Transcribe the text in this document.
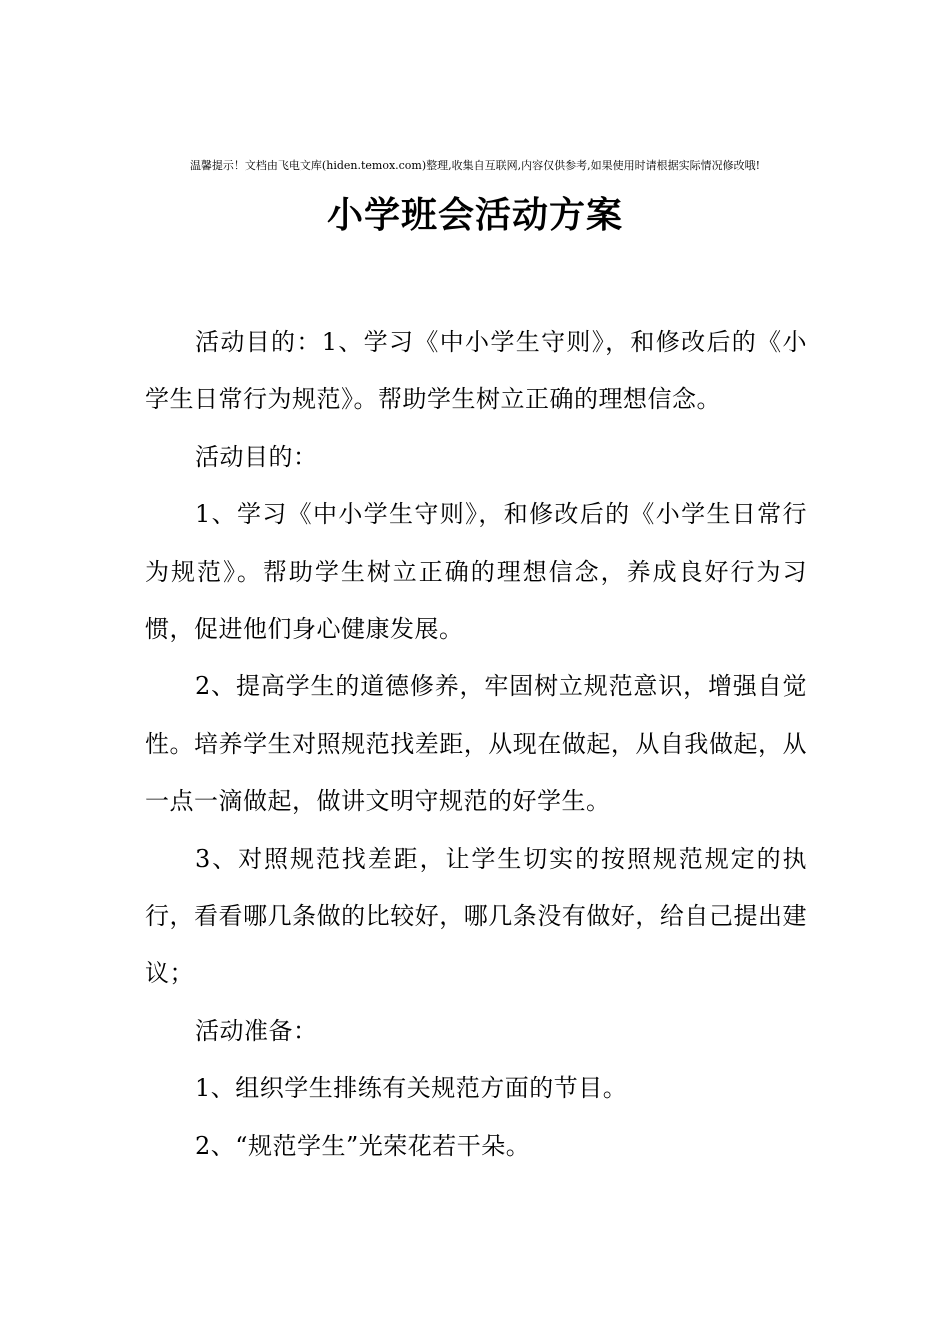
温馨提示！文档由飞电文库(hiden.temox.com)整理,收集自互联网,内容仅供参考,如果使用时请根据实际情况修改哦!
小学班会活动方案

活动目的：1、学习《中小学生守则》，和修改后的《小学生日常行为规范》。帮助学生树立正确的理想信念。

活动目的：

1、学习《中小学生守则》，和修改后的《小学生日常行为规范》。帮助学生树立正确的理想信念，养成良好行为习惯，促进他们身心健康发展。

2、提高学生的道德修养，牢固树立规范意识，增强自觉性。培养学生对照规范找差距，从现在做起，从自我做起，从一点一滴做起，做讲文明守规范的好学生。

3、对照规范找差距，让学生切实的按照规范规定的执行，看看哪几条做的比较好，哪几条没有做好，给自己提出建议；

活动准备：

1、组织学生排练有关规范方面的节目。

2、“规范学生”光荣花若干朵。
